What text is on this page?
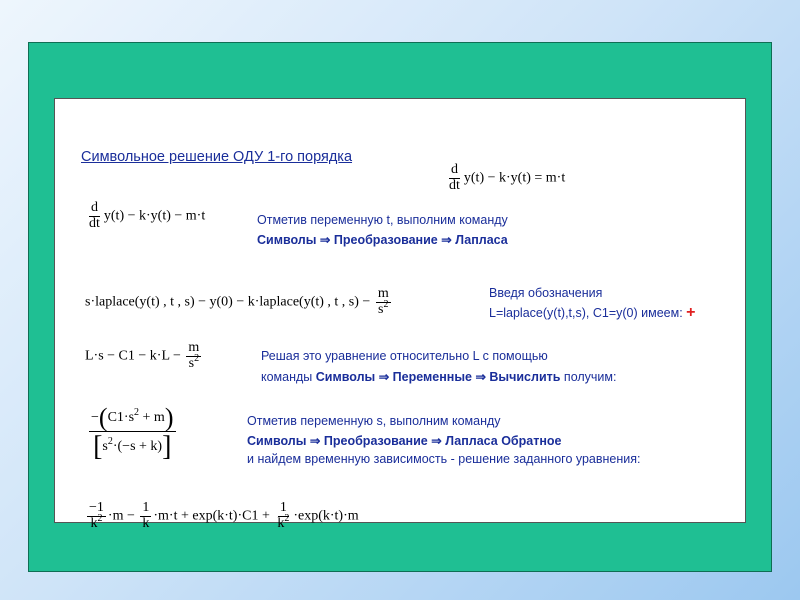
Символьное решение ОДУ 1-го порядка
$\frac{d}{dt} y(t) - k\cdot y(t) = m\cdot t$
$\frac{d}{dt} y(t) - k\cdot y(t) - m\cdot t$	Отметив переменную t, выполним команду
Символы ⇒ Преобразование ⇒ Лапласа
s·laplace(y(t) , t , s) − y(0) − k·laplace(y(t) , t , $s) - \frac{m}{s^2}$	Введя обозначения
L=laplace(y(t),t,s), C1=y(0) имеем: +
$L\cdot s - C1 - k\cdot L - \frac{m}{s^2}$	Решая это уравнение относительно L с помощью
команды Символы ⇒ Переменные ⇒ Вычислить получим:
$\frac{-(C1\cdot s^2 + m)}{[s^2\cdot(-s + k)]}$	Отметив переменную s, выполним команду
Символы ⇒ Преобразование ⇒ Лапласа Обратное
и найдем временную зависимость - решение заданного уравнения:
$\frac{-1}{k^2} \cdot m - \frac{1}{k} \cdot m\cdot t + \exp(k\cdot t)\cdot C1 + \frac{1}{k^2} \cdot\exp(k\cdot t)\cdot m$
